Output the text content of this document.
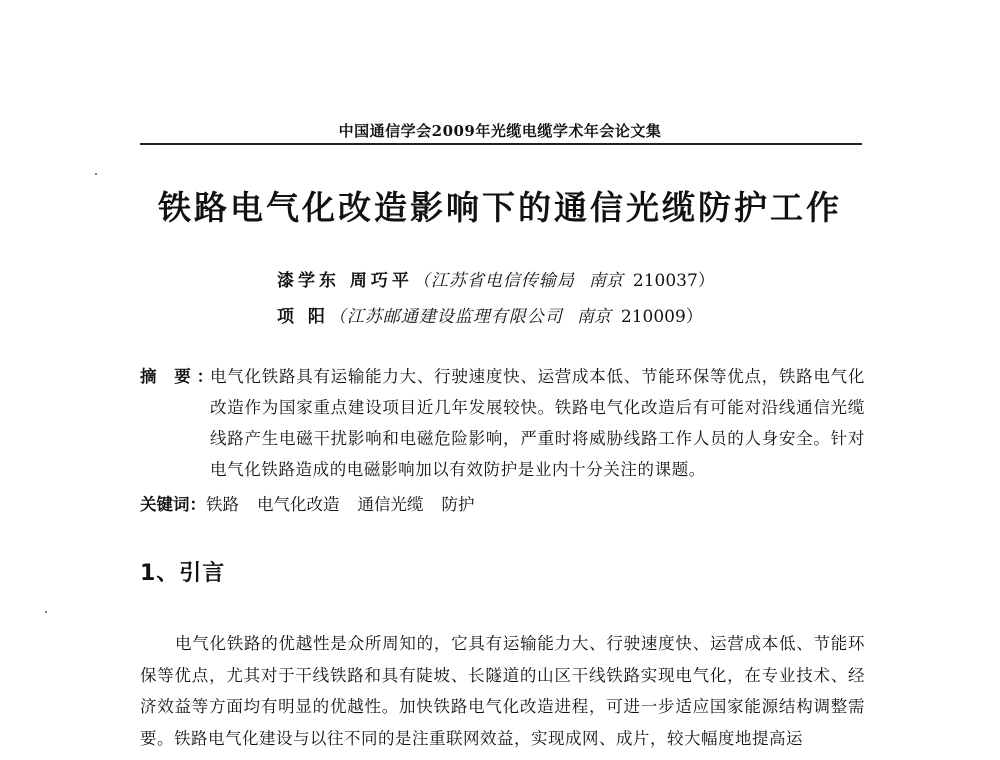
中国通信学会2009年光缆电缆学术年会论文集
铁路电气化改造影响下的通信光缆防护工作
漆学东 周巧平（江苏省电信传输局 南京 210037）
项 阳（江苏邮通建设监理有限公司 南京 210009）
摘 要：
电气化铁路具有运输能力大、行驶速度快、运营成本低、节能环保等优点，铁路电气化改造作为国家重点建设项目近几年发展较快。铁路电气化改造后有可能对沿线通信光缆线路产生电磁干扰影响和电磁危险影响，严重时将威胁线路工作人员的人身安全。针对电气化铁路造成的电磁影响加以有效防护是业内十分关注的课题。
关键词：铁路 电气化改造 通信光缆 防护
1、引言
电气化铁路的优越性是众所周知的，它具有运输能力大、行驶速度快、运营成本低、节能环保等优点，尤其对于干线铁路和具有陡坡、长隧道的山区干线铁路实现电气化，在专业技术、经济效益等方面均有明显的优越性。加快铁路电气化改造进程，可进一步适应国家能源结构调整需要。铁路电气化建设与以往不同的是注重联网效益，实现成网、成片，较大幅度地提高运
